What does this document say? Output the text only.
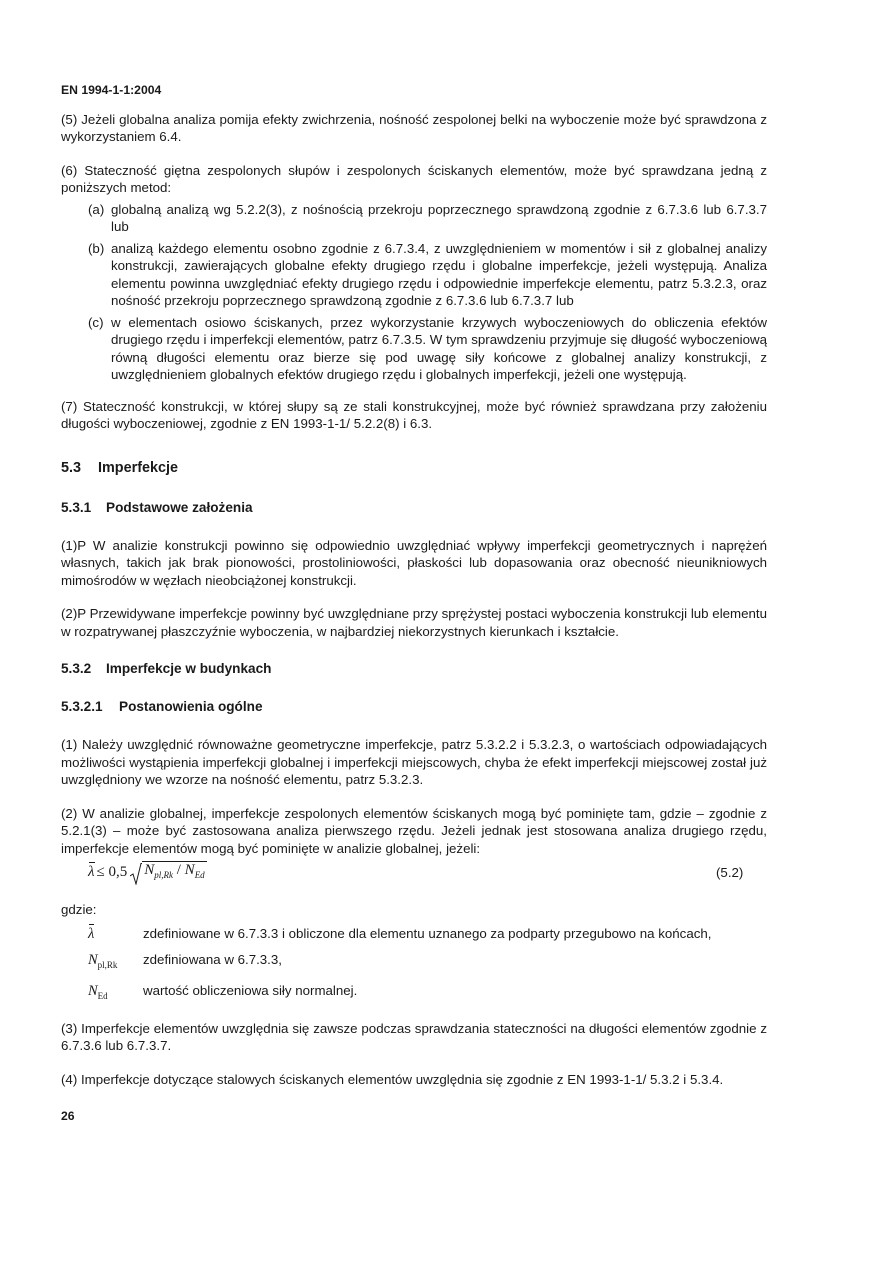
EN 1994-1-1:2004

(5) Jeżeli globalna analiza pomija efekty zwichrzenia, nośność zespolonej belki na wyboczenie może być sprawdzona z wykorzystaniem 6.4.

(6) Stateczność giętna zespolonych słupów i zespolonych ściskanych elementów, może być sprawdzana jedną z poniższych metod:

(a) globalną analizą wg 5.2.2(3), z nośnością przekroju poprzecznego sprawdzoną zgodnie z 6.7.3.6 lub 6.7.3.7 lub
(b) analizą każdego elementu osobno zgodnie z 6.7.3.4, z uwzględnieniem w momentów i sił z globalnej analizy konstrukcji, zawierających globalne efekty drugiego rzędu i globalne imperfekcje, jeżeli występują. Analiza elementu powinna uwzględniać efekty drugiego rzędu i odpowiednie imperfekcje elementu, patrz 5.3.2.3, oraz nośność przekroju poprzecznego sprawdzoną zgodnie z 6.7.3.6 lub 6.7.3.7 lub
(c) w elementach osiowo ściskanych, przez wykorzystanie krzywych wyboczeniowych do obliczenia efektów drugiego rzędu i imperfekcji elementów, patrz 6.7.3.5. W tym sprawdzeniu przyjmuje się długość wyboczeniową równą długości elementu oraz bierze się pod uwagę siły końcowe z globalnej analizy konstrukcji, z uwzględnieniem globalnych efektów drugiego rzędu i globalnych imperfekcji, jeżeli one występują.

(7) Stateczność konstrukcji, w której słupy są ze stali konstrukcyjnej, może być również sprawdzana przy założeniu długości wyboczeniowej, zgodnie z EN 1993-1-1/ 5.2.2(8) i 6.3.

5.3 Imperfekcje
5.3.1 Podstawowe założenia

(1)P W analizie konstrukcji powinno się odpowiednio uwzględniać wpływy imperfekcji geometrycznych i naprężeń własnych, takich jak brak pionowości, prostoliniowości, płaskości lub dopasowania oraz obecność nieunikniowych mimośrodów w węzłach nieobciążonej konstrukcji.

(2)P Przewidywane imperfekcje powinny być uwzględniane przy sprężystej postaci wyboczenia konstrukcji lub elementu w rozpatrywanej płaszczyźnie wyboczenia, w najbardziej niekorzystnych kierunkach i kształcie.

5.3.2 Imperfekcje w budynkach
5.3.2.1 Postanowienia ogólne

(1) Należy uwzględnić równoważne geometryczne imperfekcje, patrz 5.3.2.2 i 5.3.2.3, o wartościach odpowiadających możliwości wystąpienia imperfekcji globalnej i imperfekcji miejscowych, chyba że efekt imperfekcji miejscowej został już uwzględniony we wzorze na nośność elementu, patrz 5.3.2.3.

(2) W analizie globalnej, imperfekcje zespolonych elementów ściskanych mogą być pominięte tam, gdzie – zgodnie z 5.2.1(3) – może być zastosowana analiza pierwszego rzędu. Jeżeli jednak jest stosowana analiza drugiego rzędu, imperfekcje elementów mogą być pominięte w analizie globalnej, jeżeli:

λ ≤ 0,5 $N_{pl,Rk} / N_{Ed}$	(5.2)

gdzie:

λ	zdefiniowane w 6.7.3.3 i obliczone dla elementu uznanego za podparty przegubowo na końcach,
$N_{pl,Rk}$	zdefiniowana w 6.7.3.3,
$N_{Ed}$	wartość obliczeniowa siły normalnej.

(3) Imperfekcje elementów uwzględnia się zawsze podczas sprawdzania stateczności na długości elementów zgodnie z 6.7.3.6 lub 6.7.3.7.

(4) Imperfekcje dotyczące stalowych ściskanych elementów uwzględnia się zgodnie z EN 1993-1-1/ 5.3.2 i 5.3.4.

26
